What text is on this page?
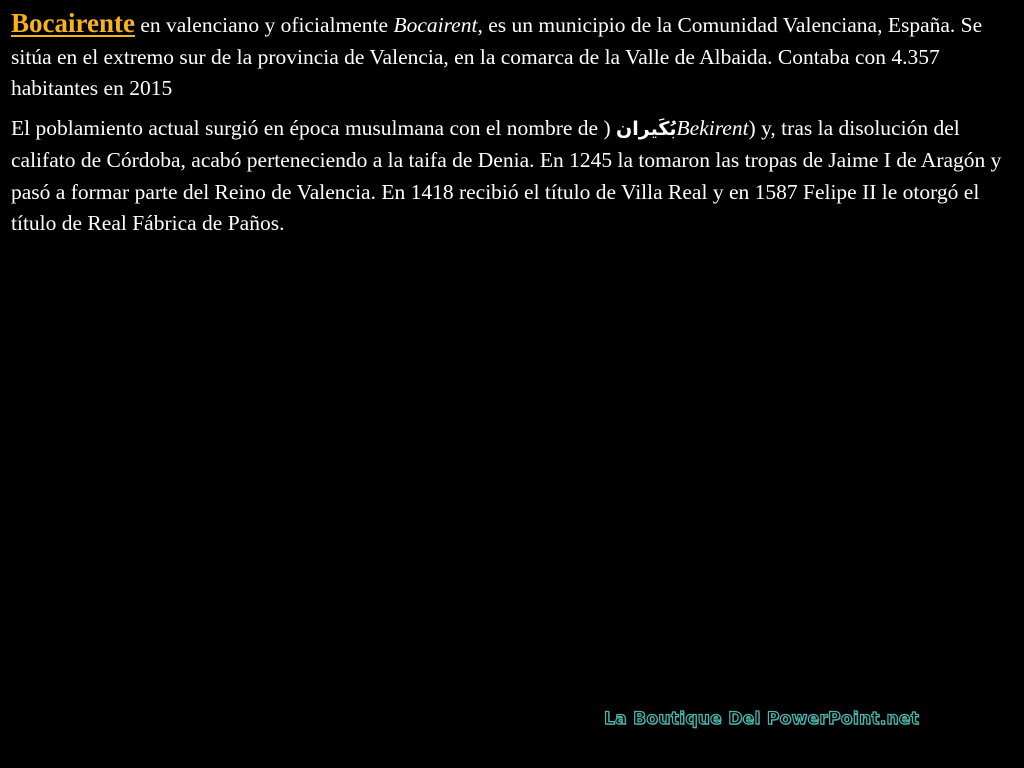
Bocairente en valenciano y oficialmente Bocairent, es un municipio de la Comunidad Valenciana, España. Se sitúa en el extremo sur de la provincia de Valencia, en la comarca de la Valle de Albaida. Contaba con 4.357 habitantes en 2015

El poblamiento actual surgió en época musulmana con el nombre de ) بُكَيرانBekirent) y, tras la disolución del califato de Córdoba, acabó perteneciendo a la taifa de Denia. En 1245 la tomaron las tropas de Jaime I de Aragón y pasó a formar parte del Reino de Valencia. En 1418 recibió el título de Villa Real y en 1587 Felipe II le otorgó el título de Real Fábrica de Paños.

La Boutique Del PowerPoint.net
